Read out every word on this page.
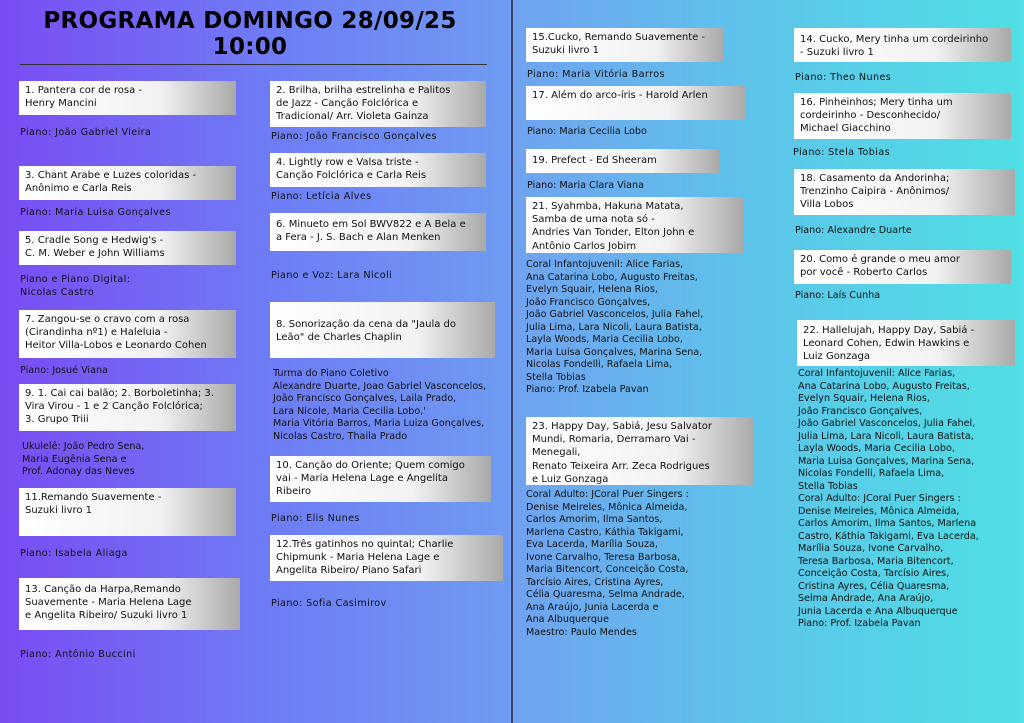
PROGRAMA DOMINGO 28/09/25
10:00
1. Pantera cor de rosa -
Henry Mancini
Piano: João Gabriel Vieira
3. Chant Arabe e Luzes coloridas -
Anônimo e Carla Reis
Piano: Maria Luisa Gonçalves
5. Cradle Song e Hedwig's -
C. M. Weber e John Williams
Piano e Piano Digital:
Nicolas Castro
7. Zangou-se o cravo com a rosa
(Cirandinha nº1) e Haleluia -
Heitor Villa-Lobos e Leonardo Cohen
Piano: Josué Viana
9. 1. Cai cai balão; 2. Borboletinha; 3.
Vira Virou - 1 e 2 Canção Folclórica;
3. Grupo Triii
Ukulelê: João Pedro Sena,
Maria Eugênia Sena e
Prof. Adonay das Neves
11.Remando Suavemente -
Suzuki livro 1
Piano: Isabela Aliaga
13. Canção da Harpa,Remando
Suavemente - Maria Helena Lage
e Angelita Ribeiro/ Suzuki livro 1
Piano: Antônio Buccini
2. Brilha, brilha estrelinha e Palitos
de Jazz - Canção Folclórica e
Tradicional/ Arr. Violeta Gainza
Piano: João Francisco Gonçalves
4. Lightly row e Valsa triste -
Canção Folclórica e Carla Reis
Piano: Letícia Alves
6. Minueto em Sol BWV822 e A Bela e
a Fera - J. S. Bach e Alan Menken
Piano e Voz: Lara Nicoli
8. Sonorização da cena da "Jaula do
Leão" de Charles Chaplin
Turma do Piano Coletivo
Alexandre Duarte, Joao Gabriel Vasconcelos,
João Francisco Gonçalves, Laila Prado,
Lara Nicole, Maria Cecilia Lobo,'
Maria Vitória Barros, Maria Luiza Gonçalves,
Nicolas Castro, Thaila Prado
10. Canção do Oriente; Quem comigo
vai - Maria Helena Lage e Angelita
Ribeiro
Piano: Elis Nunes
12.Três gatinhos no quintal; Charlie
Chipmunk - Maria Helena Lage e
Angelita Ribeiro/ Piano Safari
Piano: Sofia Casimirov
15.Cucko, Remando Suavemente -
Suzuki livro 1
Piano: Maria Vitória Barros
17. Além do arco-íris - Harold Arlen
Piano: Maria Cecilia Lobo
19. Prefect - Ed Sheeram
Piano: Maria Clara Viana
21. Syahmba, Hakuna Matata,
Samba de uma nota só -
Andries Van Tonder, Elton John e
Antônio Carlos Jobim
Coral Infantojuvenil: Alice Farias,
Ana Catarina Lobo, Augusto Freitas,
Evelyn Squair, Helena Rios,
João Francisco Gonçalves,
João Gabriel Vasconcelos, Julia Fahel,
Julia Lima, Lara Nicoli, Laura Batista,
Layla Woods, Maria Cecilia Lobo,
Maria Luisa Gonçalves, Marina Sena,
Nicolas Fondelli, Rafaela Lima,
Stella Tobias
Piano: Prof. Izabela Pavan
23. Happy Day, Sabiá, Jesu Salvator
Mundi, Romaria, Derramaro Vai -
Menegali,
Renato Teixeira Arr. Zeca Rodrigues
e Luiz Gonzaga
Coral Adulto: JCoral Puer Singers :
Denise Meireles, Mônica Almeida,
Carlos Amorim, Ilma Santos,
Marlena Castro, Káthia Takigami,
Eva Lacerda, Marília Souza,
Ivone Carvalho, Teresa Barbosa,
Maria Bitencort, Conceição Costa,
Tarcísio Aires, Cristina Ayres,
Célia Quaresma, Selma Andrade,
Ana Araújo, Junia Lacerda e
Ana Albuquerque
Maestro: Paulo Mendes
14. Cucko, Mery tinha um cordeirinho
- Suzuki livro 1
Piano: Theo Nunes
16. Pinheinhos; Mery tinha um
cordeirinho - Desconhecido/
Michael Giacchino
Piano: Stela Tobias
18. Casamento da Andorinha;
Trenzinho Caipira - Anônimos/
Villa Lobos
Piano: Alexandre Duarte
20. Como é grande o meu amor
por você - Roberto Carlos
Piano: Laís Cunha
22. Hallelujah, Happy Day, Sabiá -
Leonard Cohen, Edwin Hawkins e
Luiz Gonzaga
Coral Infantojuvenil: Alice Farias,
Ana Catarina Lobo, Augusto Freitas,
Evelyn Squair, Helena Rios,
João Francisco Gonçalves,
João Gabriel Vasconcelos, Julia Fahel,
Julia Lima, Lara Nicoli, Laura Batista,
Layla Woods, Maria Cecilia Lobo,
Maria Luisa Gonçalves, Marina Sena,
Nicolas Fondelli, Rafaela Lima,
Stella Tobias
Coral Adulto: JCoral Puer Singers :
Denise Meireles, Mônica Almeida,
Carlos Amorim, Ilma Santos, Marlena
Castro, Káthia Takigami, Eva Lacerda,
Marília Souza, Ivone Carvalho,
Teresa Barbosa, Maria Bitencort,
Conceição Costa, Tarcísio Aires,
Cristina Ayres, Célia Quaresma,
Selma Andrade, Ana Araújo,
Junia Lacerda e Ana Albuquerque
Piano: Prof. Izabela Pavan
